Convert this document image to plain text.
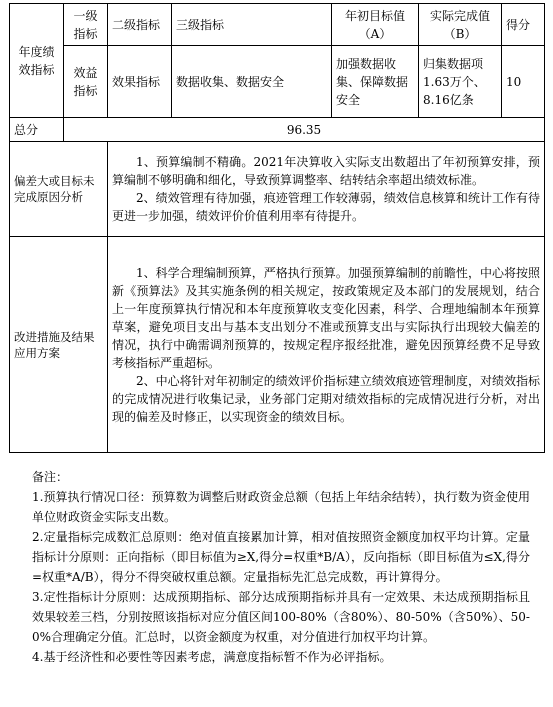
年度绩效指标	一级指标	二级指标	三级指标	年初目标值（A）	实际完成值（B）	得分
	效益指标	效果指标	数据收集、数据安全	加强数据收集、保障数据安全	归集数据项1.63万个、8.16亿条	10
总分	96.35					
偏差大或目标未完成原因分析		1、预算编制不精确。2021年决算收入实际支出数超出了年初预算安排，预算编制不够明确和细化，导致预算调整率、结转结余率超出绩效标准。

2、绩效管理有待加强，痕迹管理工作较薄弱，绩效信息核算和统计工作有待更进一步加强，绩效评价价值利用率有待提升。				

改进措施及结果应用方案		1、科学合理编制预算，严格执行预算。加强预算编制的前瞻性，中心将按照新《预算法》及其实施条例的相关规定，按政策规定及本部门的发展规划，结合上一年度预算执行情况和本年度预算收支变化因素，科学、合理地编制本年预算草案，避免项目支出与基本支出划分不准或预算支出与实际执行出现较大偏差的情况，执行中确需调剂预算的，按规定程序报经批准，避免因预算经费不足导致考核指标严重超标。

2、中心将针对年初制定的绩效评价指标建立绩效痕迹管理制度，对绩效指标的完成情况进行收集记录，业务部门定期对绩效指标的完成情况进行分析，对出现的偏差及时修正，以实现资金的绩效目标。				

备注：

1.预算执行情况口径：预算数为调整后财政资金总额（包括上年结余结转），执行数为资金使用单位财政资金实际支出数。

2.定量指标完成数汇总原则：绝对值直接累加计算，相对值按照资金额度加权平均计算。定量指标计分原则：正向指标（即目标值为≥X,得分=权重*B/A），反向指标（即目标值为≤X,得分=权重*A/B），得分不得突破权重总额。定量指标先汇总完成数，再计算得分。

3.定性指标计分原则：达成预期指标、部分达成预期指标并具有一定效果、未达成预期指标且效果较差三档，分别按照该指标对应分值区间100-80%（含80%）、80-50%（含50%）、50-0%合理确定分值。汇总时，以资金额度为权重，对分值进行加权平均计算。

4.基于经济性和必要性等因素考虑，满意度指标暂不作为必评指标。
